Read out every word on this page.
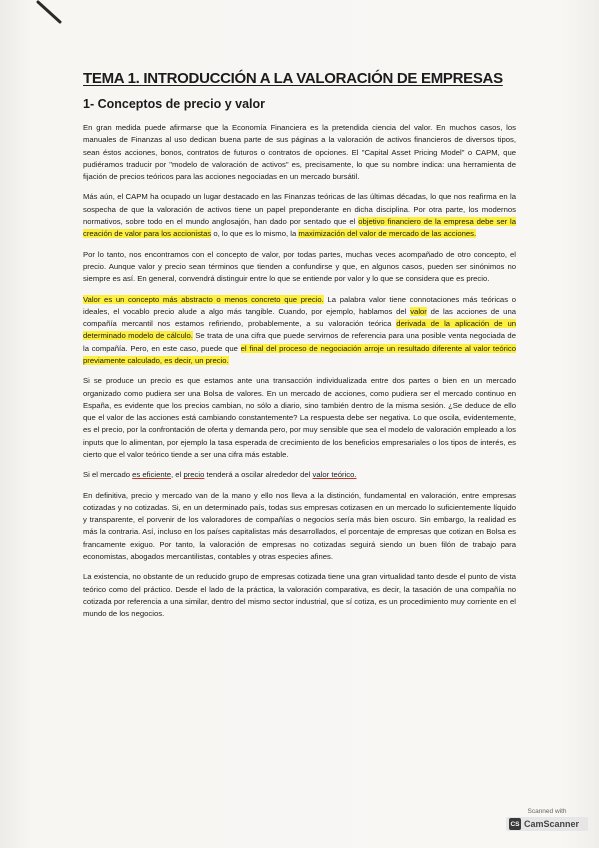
TEMA 1. INTRODUCCIÓN A LA VALORACIÓN DE EMPRESAS
1- Conceptos de precio y valor

En gran medida puede afirmarse que la Economía Financiera es la pretendida ciencia del valor. En muchos casos, los manuales de Finanzas al uso dedican buena parte de sus páginas a la valoración de activos financieros de diversos tipos, sean éstos acciones, bonos, contratos de futuros o contratos de opciones. El "Capital Asset Pricing Model" o CAPM, que pudiéramos traducir por "modelo de valoración de activos" es, precisamente, lo que su nombre indica: una herramienta de fijación de precios teóricos para las acciones negociadas en un mercado bursátil.

Más aún, el CAPM ha ocupado un lugar destacado en las Finanzas teóricas de las últimas décadas, lo que nos reafirma en la sospecha de que la valoración de activos tiene un papel preponderante en dicha disciplina. Por otra parte, los modernos normativos, sobre todo en el mundo anglosajón, han dado por sentado que el objetivo financiero de la empresa debe ser la creación de valor para los accionistas o, lo que es lo mismo, la maximización del valor de mercado de las acciones.

Por lo tanto, nos encontramos con el concepto de valor, por todas partes, muchas veces acompañado de otro concepto, el precio. Aunque valor y precio sean términos que tienden a confundirse y que, en algunos casos, pueden ser sinónimos no siempre es así. En general, convendrá distinguir entre lo que se entiende por valor y lo que se considera que es precio.

Valor es un concepto más abstracto o menos concreto que precio. La palabra valor tiene connotaciones más teóricas o ideales, el vocablo precio alude a algo más tangible. Cuando, por ejemplo, hablamos del valor de las acciones de una compañía mercantil nos estamos refiriendo, probablemente, a su valoración teórica derivada de la aplicación de un determinado modelo de cálculo. Se trata de una cifra que puede servirnos de referencia para una posible venta negociada de la compañía. Pero, en este caso, puede que el final del proceso de negociación arroje un resultado diferente al valor teórico previamente calculado, es decir, un precio.

Si se produce un precio es que estamos ante una transacción individualizada entre dos partes o bien en un mercado organizado como pudiera ser una Bolsa de valores. En un mercado de acciones, como pudiera ser el mercado continuo en España, es evidente que los precios cambian, no sólo a diario, sino también dentro de la misma sesión. ¿Se deduce de ello que el valor de las acciones está cambiando constantemente? La respuesta debe ser negativa. Lo que oscila, evidentemente, es el precio, por la confrontación de oferta y demanda pero, por muy sensible que sea el modelo de valoración empleado a los inputs que lo alimentan, por ejemplo la tasa esperada de crecimiento de los beneficios empresariales o los tipos de interés, es cierto que el valor teórico tiende a ser una cifra más estable.

Si el mercado es eficiente, el precio tenderá a oscilar alrededor del valor teórico.

En definitiva, precio y mercado van de la mano y ello nos lleva a la distinción, fundamental en valoración, entre empresas cotizadas y no cotizadas. Si, en un determinado país, todas sus empresas cotizasen en un mercado lo suficientemente líquido y transparente, el porvenir de los valoradores de compañías o negocios sería más bien oscuro. Sin embargo, la realidad es más la contraria. Así, incluso en los países capitalistas más desarrollados, el porcentaje de empresas que cotizan en Bolsa es francamente exiguo. Por tanto, la valoración de empresas no cotizadas seguirá siendo un buen filón de trabajo para economistas, abogados mercantilistas, contables y otras especies afines.

La existencia, no obstante de un reducido grupo de empresas cotizada tiene una gran virtualidad tanto desde el punto de vista teórico como del práctico. Desde el lado de la práctica, la valoración comparativa, es decir, la tasación de una compañía no cotizada por referencia a una similar, dentro del mismo sector industrial, que sí cotiza, es un procedimiento muy corriente en el mundo de los negocios.

Scanned with
CS CamScanner
